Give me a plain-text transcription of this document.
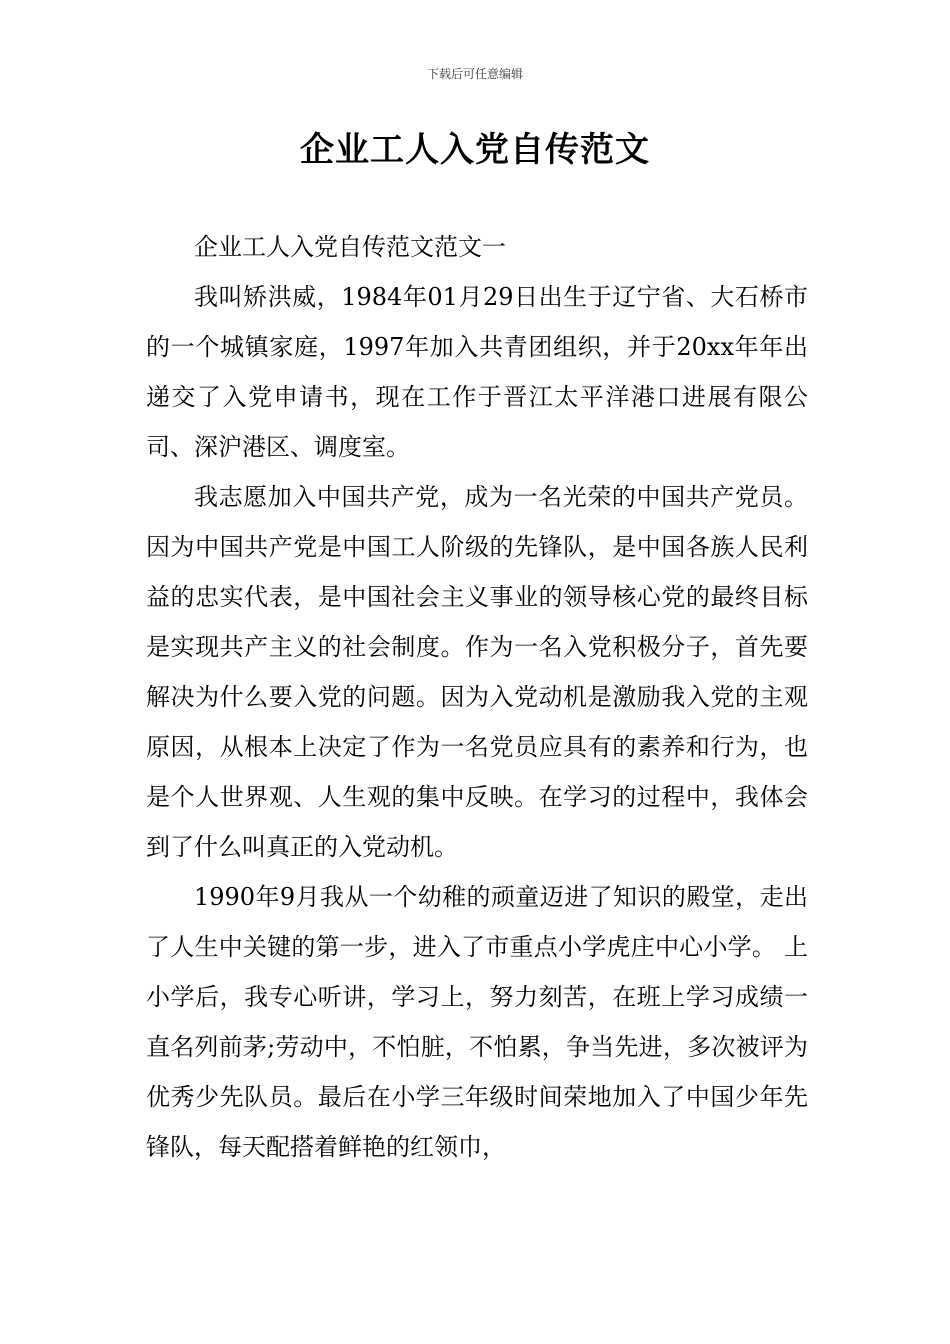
下载后可任意编辑
企业工人入党自传范文

企业工人入党自传范文范文一

我叫矫洪威，1984年01月29日出生于辽宁省、大石桥市的一个城镇家庭，1997年加入共青团组织，并于20xx年年出递交了入党申请书，现在工作于晋江太平洋港口进展有限公司、深沪港区、调度室。

我志愿加入中国共产党，成为一名光荣的中国共产党员。因为中国共产党是中国工人阶级的先锋队，是中国各族人民利益的忠实代表，是中国社会主义事业的领导核心党的最终目标是实现共产主义的社会制度。作为一名入党积极分子，首先要解决为什么要入党的问题。因为入党动机是激励我入党的主观原因，从根本上决定了作为一名党员应具有的素养和行为，也是个人世界观、人生观的集中反映。在学习的过程中，我体会到了什么叫真正的入党动机。

1990年9月我从一个幼稚的顽童迈进了知识的殿堂，走出了人生中关键的第一步，进入了市重点小学虎庄中心小学。 上小学后，我专心听讲，学习上，努力刻苦，在班上学习成绩一直名列前茅;劳动中，不怕脏，不怕累，争当先进，多次被评为优秀少先队员。最后在小学三年级时间荣地加入了中国少年先锋队，每天配搭着鲜艳的红领巾，
